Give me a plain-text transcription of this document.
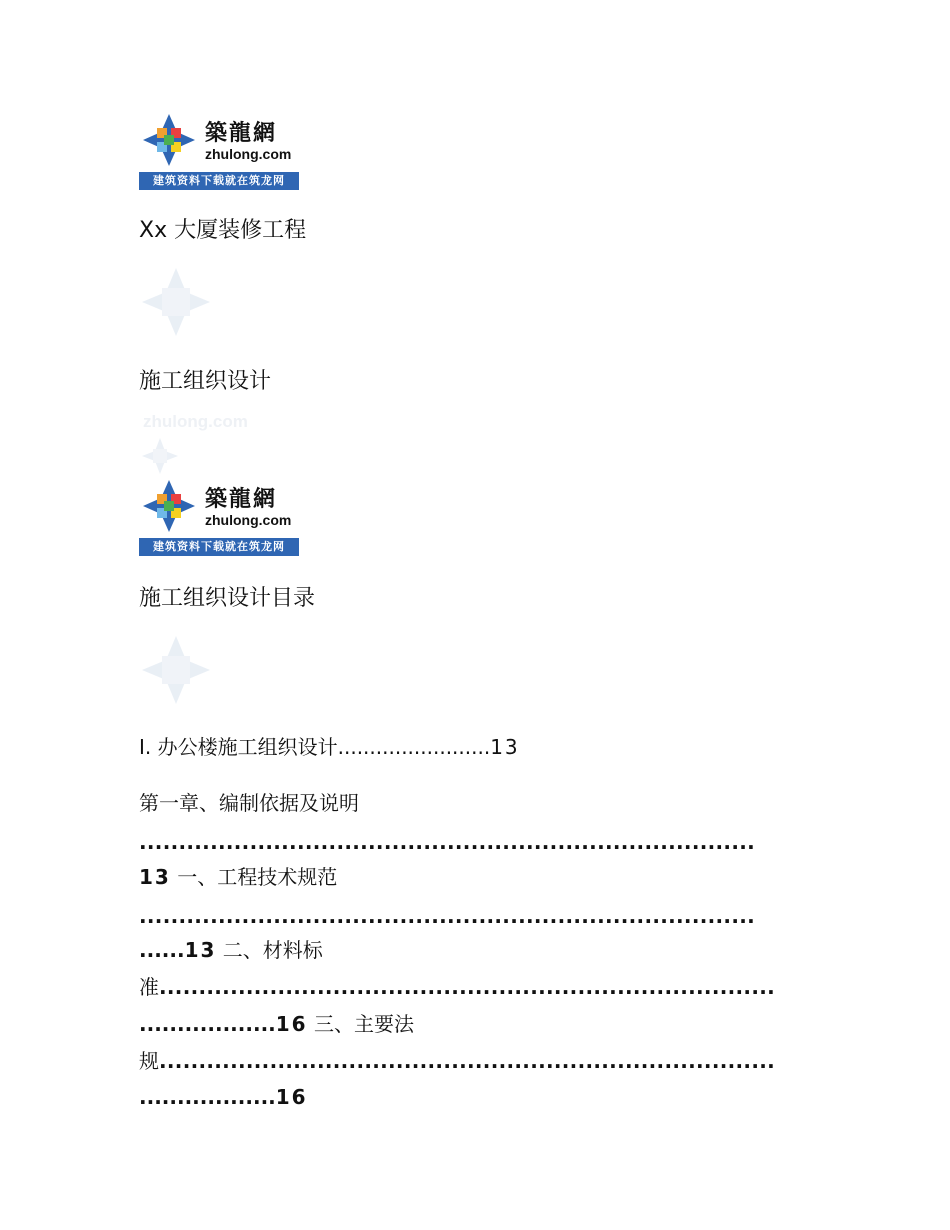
築龍網
zhulong.com
建筑资料下载就在筑龙网
Xx 大厦装修工程
施工组织设计
zhulong.com
築龍網
zhulong.com
建筑资料下载就在筑龙网
施工组织设计目录
I. 办公楼施工组织设计........................13
第一章、编制依据及说明
..............................................................................
13 一、工程技术规范
..............................................................................
......13 二、材料标
准..............................................................................
..................16 三、主要法
规..............................................................................
..................16
